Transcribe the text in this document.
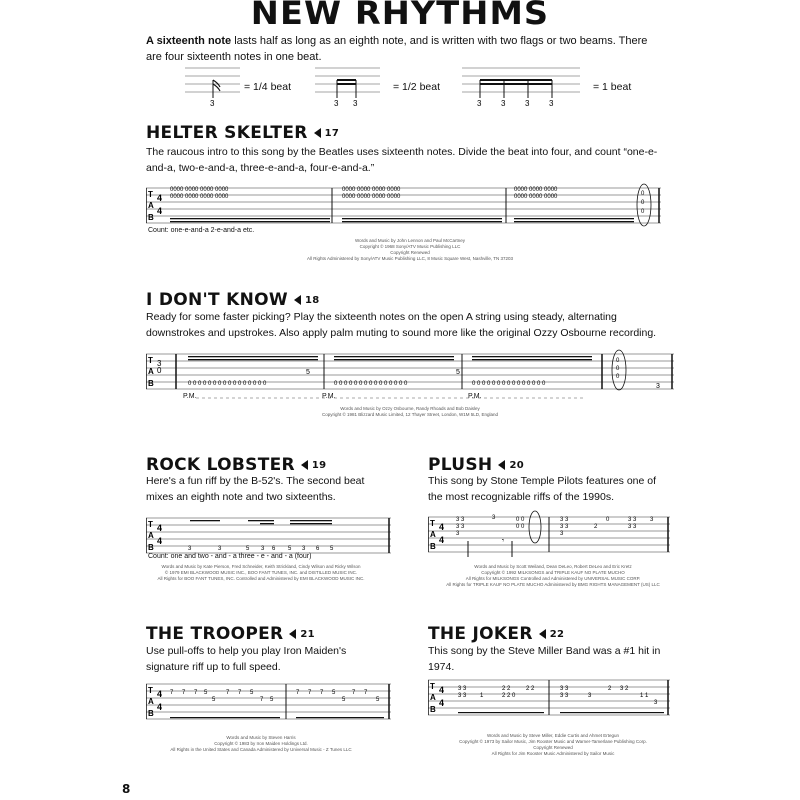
NEW RHYTHMS
A sixteenth note lasts half as long as an eighth note, and is written with two flags or two beams. There are four sixteenth notes in one beat.
3	3 3	3 3 3 3
= 1/4 beat	= 1/2 beat	= 1 beat
HELTER SKELTER 17
The raucous intro to this song by the Beatles uses sixteenth notes. Divide the beat into four, and count “one-e-and-a, two-e-and-a, three-e-and-a, four-e-and-a.”
T
A
B
4
4
0000 0000 0000 0000	0000 0000 0000 0000	0000 0000 0000
0000 0000 0000 0000	0000 0000 0000 0000	0000 0000 0000	0
0
0
Count: one-e-and-a 2-e-and-a etc.
Words and Music by John Lennon and Paul McCartney
Copyright © 1968 Sony/ATV Music Publishing LLC
Copyright Renewed
All Rights Administered by Sony/ATV Music Publishing LLC, 8 Music Square West, Nashville, TN 37203
I DON'T KNOW 18
Ready for some faster picking? Play the sixteenth notes on the open A string using steady, alternating downstrokes and upstrokes. Also apply palm muting to sound more like the original Ozzy Osbourne recording.
T
A
B
3
0
0 0 0 0 0 0 0 0 0 0 0 0 0 0 0 0	0 0 0 0 0 0 0 0 0 0 0 0 0 0 0	0 0 0 0 0 0 0 0 0 0 0 0 0 0 0
5	5
0
0
0
3
P.M.	P.M.	P.M.
Words and Music by Ozzy Osbourne, Randy Rhoads and Bob Daisley
Copyright © 1981 Blizzard Music Limited, 12 Thayer Street, London, W1M 5LD, England
ROCK LOBSTER 19
Here's a fun riff by the B-52's. The second beat mixes an eighth note and two sixteenths.
T
A
B
4
4
3	3	5 3 6 5 3 6 5
Count: one and two - and - a three - e - and - a (four)
Words and Music by Kate Pierson, Fred Schneider, Keith Strickland, Cindy Wilson and Ricky Wilson
© 1979 EMI BLACKWOOD MUSIC INC., BOO FANT TUNES, INC. and DISTILLED MUSIC INC.
All Rights for BOO FANT TUNES, INC. Controlled and Administered by EMI BLACKWOOD MUSIC INC.
PLUSH 20
This song by Stone Temple Pilots features one of the most recognizable riffs of the 1990s.
T
A
B
4
4
3 3
3 3
3
3	0 0
0 0
3 3
3 3
3
2
0	3 3
3 3
3
𝄾
Words and Music by Scott Weiland, Dean DeLeo, Robert DeLeo and Eric Kretz
Copyright © 1992 MILKSONGS and TRIPLE KAUF NO PLATE MUCHO
All Rights for MILKSONGS Controlled and Administered by UNIVERSAL MUSIC CORP.
All Rights for TRIPLE KAUF NO PLATE MUCHO Administered by BMG RIGHTS MANAGEMENT (US) LLC
THE TROOPER 21
Use pull-offs to help you play Iron Maiden's signature riff up to full speed.
T
A
B
4
4
7 7 7 5
5
7 7 5
7 5
7 7 7 5
5
7 7
5
Words and Music by Steven Harris
Copyright © 1983 by Iron Maiden Holdings Ltd.
All Rights in the United States and Canada Administered by Universal Music - Z Tunes LLC
THE JOKER 22
This song by the Steve Miller Band was a #1 hit in 1974.
T
A
B
4
4
3 3
3 3 1
2 2
2 2 0
2 2	3 3
3 3	3
2 3 2
1 1
3
Words and Music by Steve Miller, Eddie Curtis and Ahmet Ertegun
Copyright © 1973 by Sailor Music, Jim Rooster Music and Warner-Tamerlane Publishing Corp.
Copyright Renewed
All Rights for Jim Rooster Music Administered by Sailor Music
8
